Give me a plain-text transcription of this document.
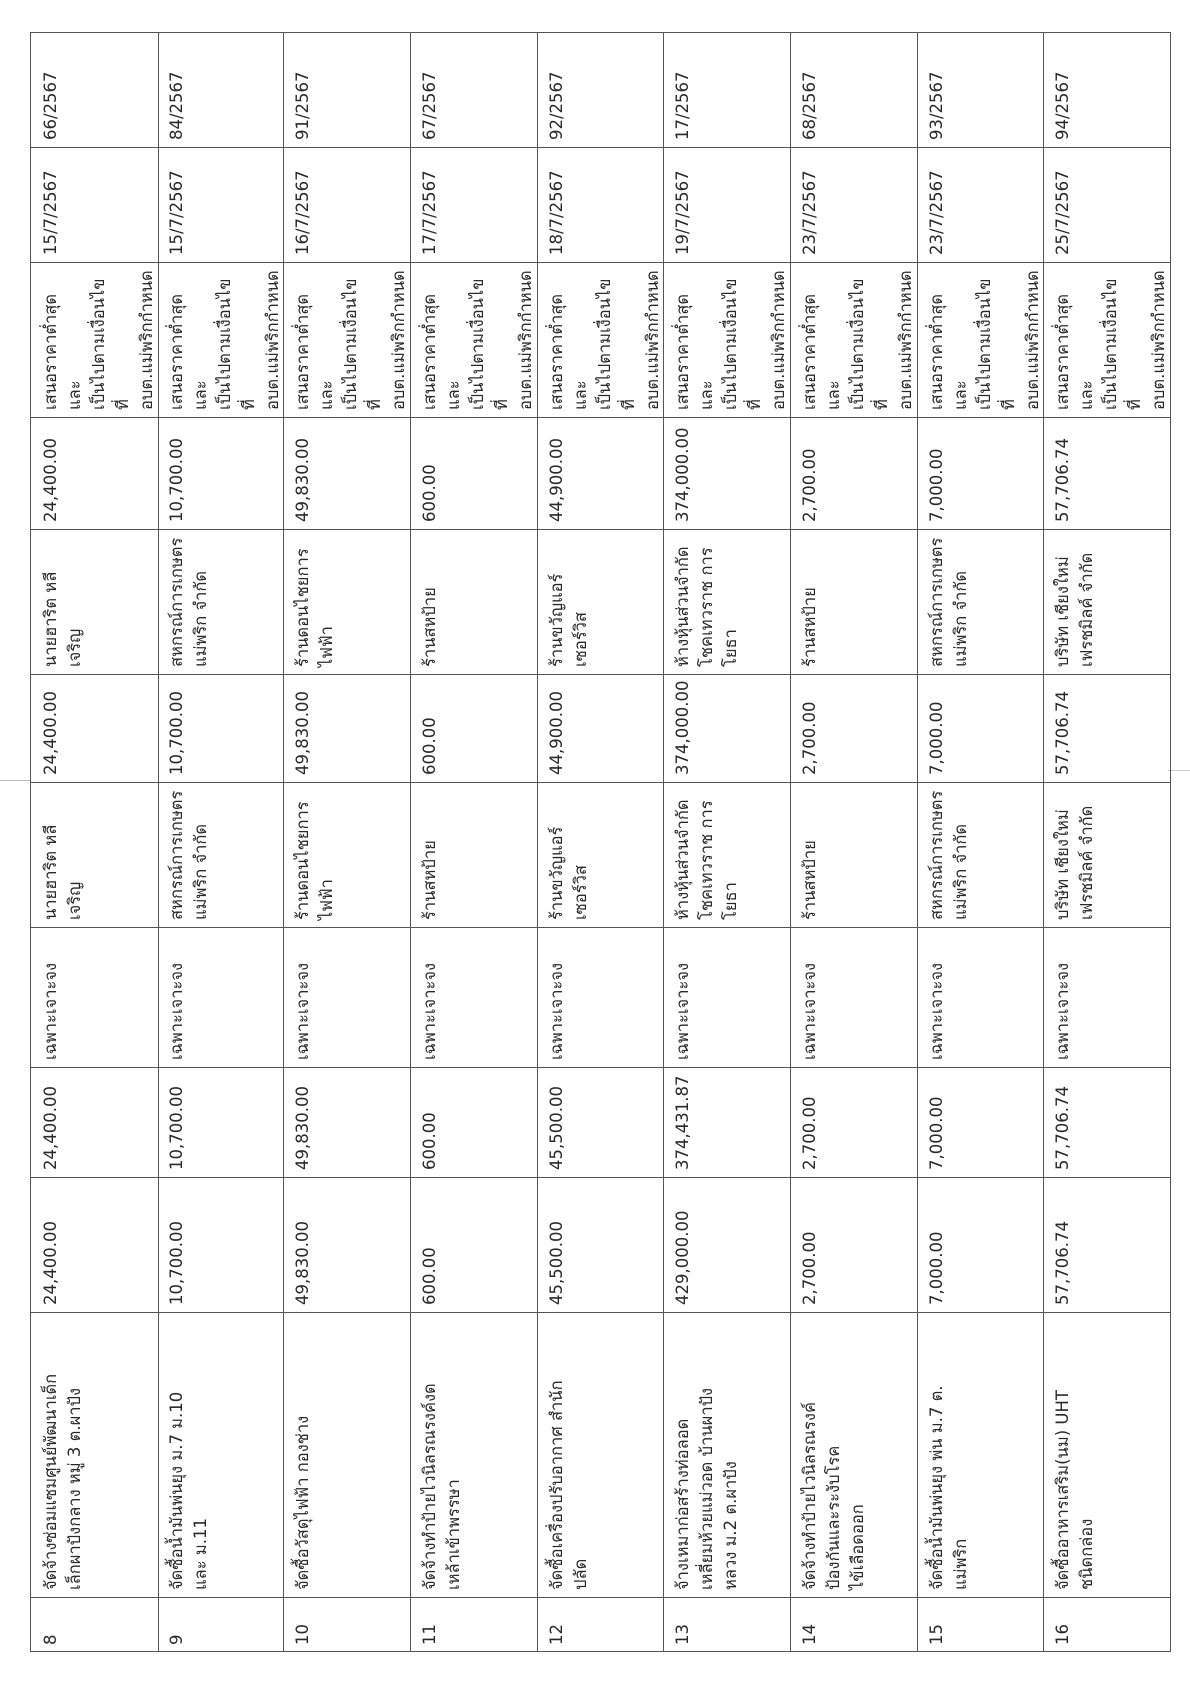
8
จัดจ้างซ่อมแซมศูนย์พัฒนาเด็ก
เล็กผาปังกลาง หมู่ 3 ต.ผาปัง
24,400.00
24,400.00
เฉพาะเจาะจง
นายฮาริต หลีเจริญ
24,400.00
นายฮาริต หลีเจริญ
24,400.00
เสนอราคาต่ำสุดและ
เป็นไปตามเงื่อนไขที่
อบต.แม่พริกกำหนด
15/7/2567
66/2567
9
จัดซื้อน้ำมันพ่นยุง ม.7 ม.10
และ ม.11
10,700.00
10,700.00
เฉพาะเจาะจง
สหกรณ์การเกษตร
แม่พริก จำกัด
10,700.00
สหกรณ์การเกษตร
แม่พริก จำกัด
10,700.00
เสนอราคาต่ำสุดและ
เป็นไปตามเงื่อนไขที่
อบต.แม่พริกกำหนด
15/7/2567
84/2567
10
จัดซื้อวัสดุไฟฟ้า กองช่าง
49,830.00
49,830.00
เฉพาะเจาะจง
ร้านดอนไชยการ
ไฟฟ้า
49,830.00
ร้านดอนไชยการ
ไฟฟ้า
49,830.00
เสนอราคาต่ำสุดและ
เป็นไปตามเงื่อนไขที่
อบต.แม่พริกกำหนด
16/7/2567
91/2567
11
จัดจ้างทำป้ายไวนิลรณรงค์งด
เหล้าเข้าพรรษา
600.00
600.00
เฉพาะเจาะจง
ร้านสหป้าย
600.00
ร้านสหป้าย
600.00
เสนอราคาต่ำสุดและ
เป็นไปตามเงื่อนไขที่
อบต.แม่พริกกำหนด
17/7/2567
67/2567
12
จัดซื้อเครื่องปรับอากาศ สำนัก
ปลัด
45,500.00
45,500.00
เฉพาะเจาะจง
ร้านขวัญแอร์
เซอร์วิส
44,900.00
ร้านขวัญแอร์
เซอร์วิส
44,900.00
เสนอราคาต่ำสุดและ
เป็นไปตามเงื่อนไขที่
อบต.แม่พริกกำหนด
18/7/2567
92/2567
13
จ้างเหมาก่อสร้างท่อลอด
เหลี่ยมห้วยแม่วอด บ้านผาปัง
หลวง ม.2 ต.ผาปัง
429,000.00
374,431.87
เฉพาะเจาะจง
ห้างหุ้นส่วนจำกัด
โชคเทวราช การ
โยธา
374,000.00
ห้างหุ้นส่วนจำกัด
โชคเทวราช การ
โยธา
374,000.00
เสนอราคาต่ำสุดและ
เป็นไปตามเงื่อนไขที่
อบต.แม่พริกกำหนด
19/7/2567
17/2567
14
จัดจ้างทำป้ายไวนิลรณรงค์
ป้องกันและระงับโรค
ไข้เลือดออก
2,700.00
2,700.00
เฉพาะเจาะจง
ร้านสหป้าย
2,700.00
ร้านสหป้าย
2,700.00
เสนอราคาต่ำสุดและ
เป็นไปตามเงื่อนไขที่
อบต.แม่พริกกำหนด
23/7/2567
68/2567
15
จัดซื้อน้ำมันพ่นยุง พ่น ม.7 ต.
แม่พริก
7,000.00
7,000.00
เฉพาะเจาะจง
สหกรณ์การเกษตร
แม่พริก จำกัด
7,000.00
สหกรณ์การเกษตร
แม่พริก จำกัด
7,000.00
เสนอราคาต่ำสุดและ
เป็นไปตามเงื่อนไขที่
อบต.แม่พริกกำหนด
23/7/2567
93/2567
16
จัดซื้ออาหารเสริม(นม) UHT
ชนิดกล่อง
57,706.74
57,706.74
เฉพาะเจาะจง
บริษัท เชียงใหม่
เฟรชมิลค์ จำกัด
57,706.74
บริษัท เชียงใหม่
เฟรชมิลค์ จำกัด
57,706.74
เสนอราคาต่ำสุดและ
เป็นไปตามเงื่อนไขที่
อบต.แม่พริกกำหนด
25/7/2567
94/2567
